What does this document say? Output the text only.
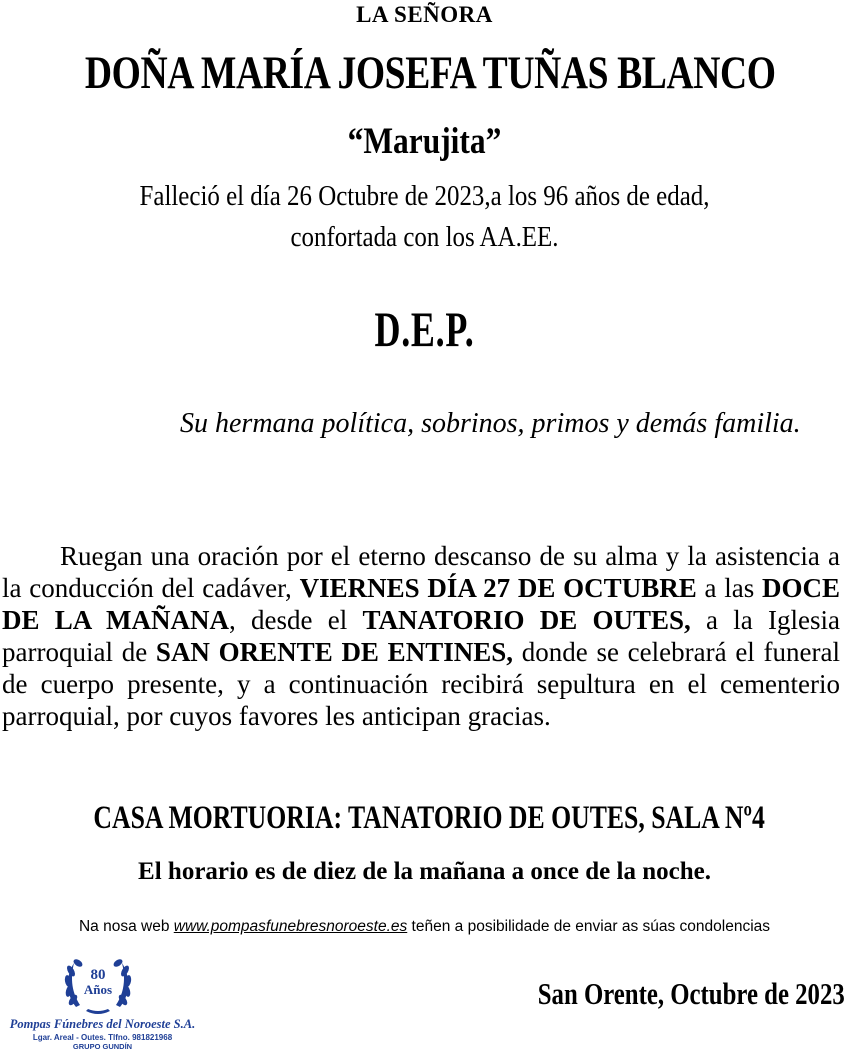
LA SEÑORA
DOÑA MARÍA JOSEFA TUÑAS BLANCO
“Marujita”
Falleció el día 26 Octubre de 2023,a los 96 años de edad,
confortada con los AA.EE.
D.E.P.

Su hermana política, sobrinos, primos y demás familia.

Ruegan una oración por el eterno descanso de su alma y la asistencia a la conducción del cadáver, VIERNES DÍA 27 DE OCTUBRE a las DOCE DE LA MAÑANA, desde el TANATORIO DE OUTES, a la Iglesia parroquial de SAN ORENTE DE ENTINES, donde se celebrará el funeral de cuerpo presente, y a continuación recibirá sepultura en el cementerio parroquial, por cuyos favores les anticipan gracias.

CASA MORTUORIA: TANATORIO DE OUTES, SALA Nº4
El horario es de diez de la mañana a once de la noche.
Na nosa web www.pompasfunebresnoroeste.es teñen a posibilidade de enviar as súas condolencias
80
Años
Pompas Fúnebres del Noroeste S.A.
Lgar. Areal - Outes. Tlfno. 981821968
GRUPO GUNDÍN
San Orente, Octubre de 2023
